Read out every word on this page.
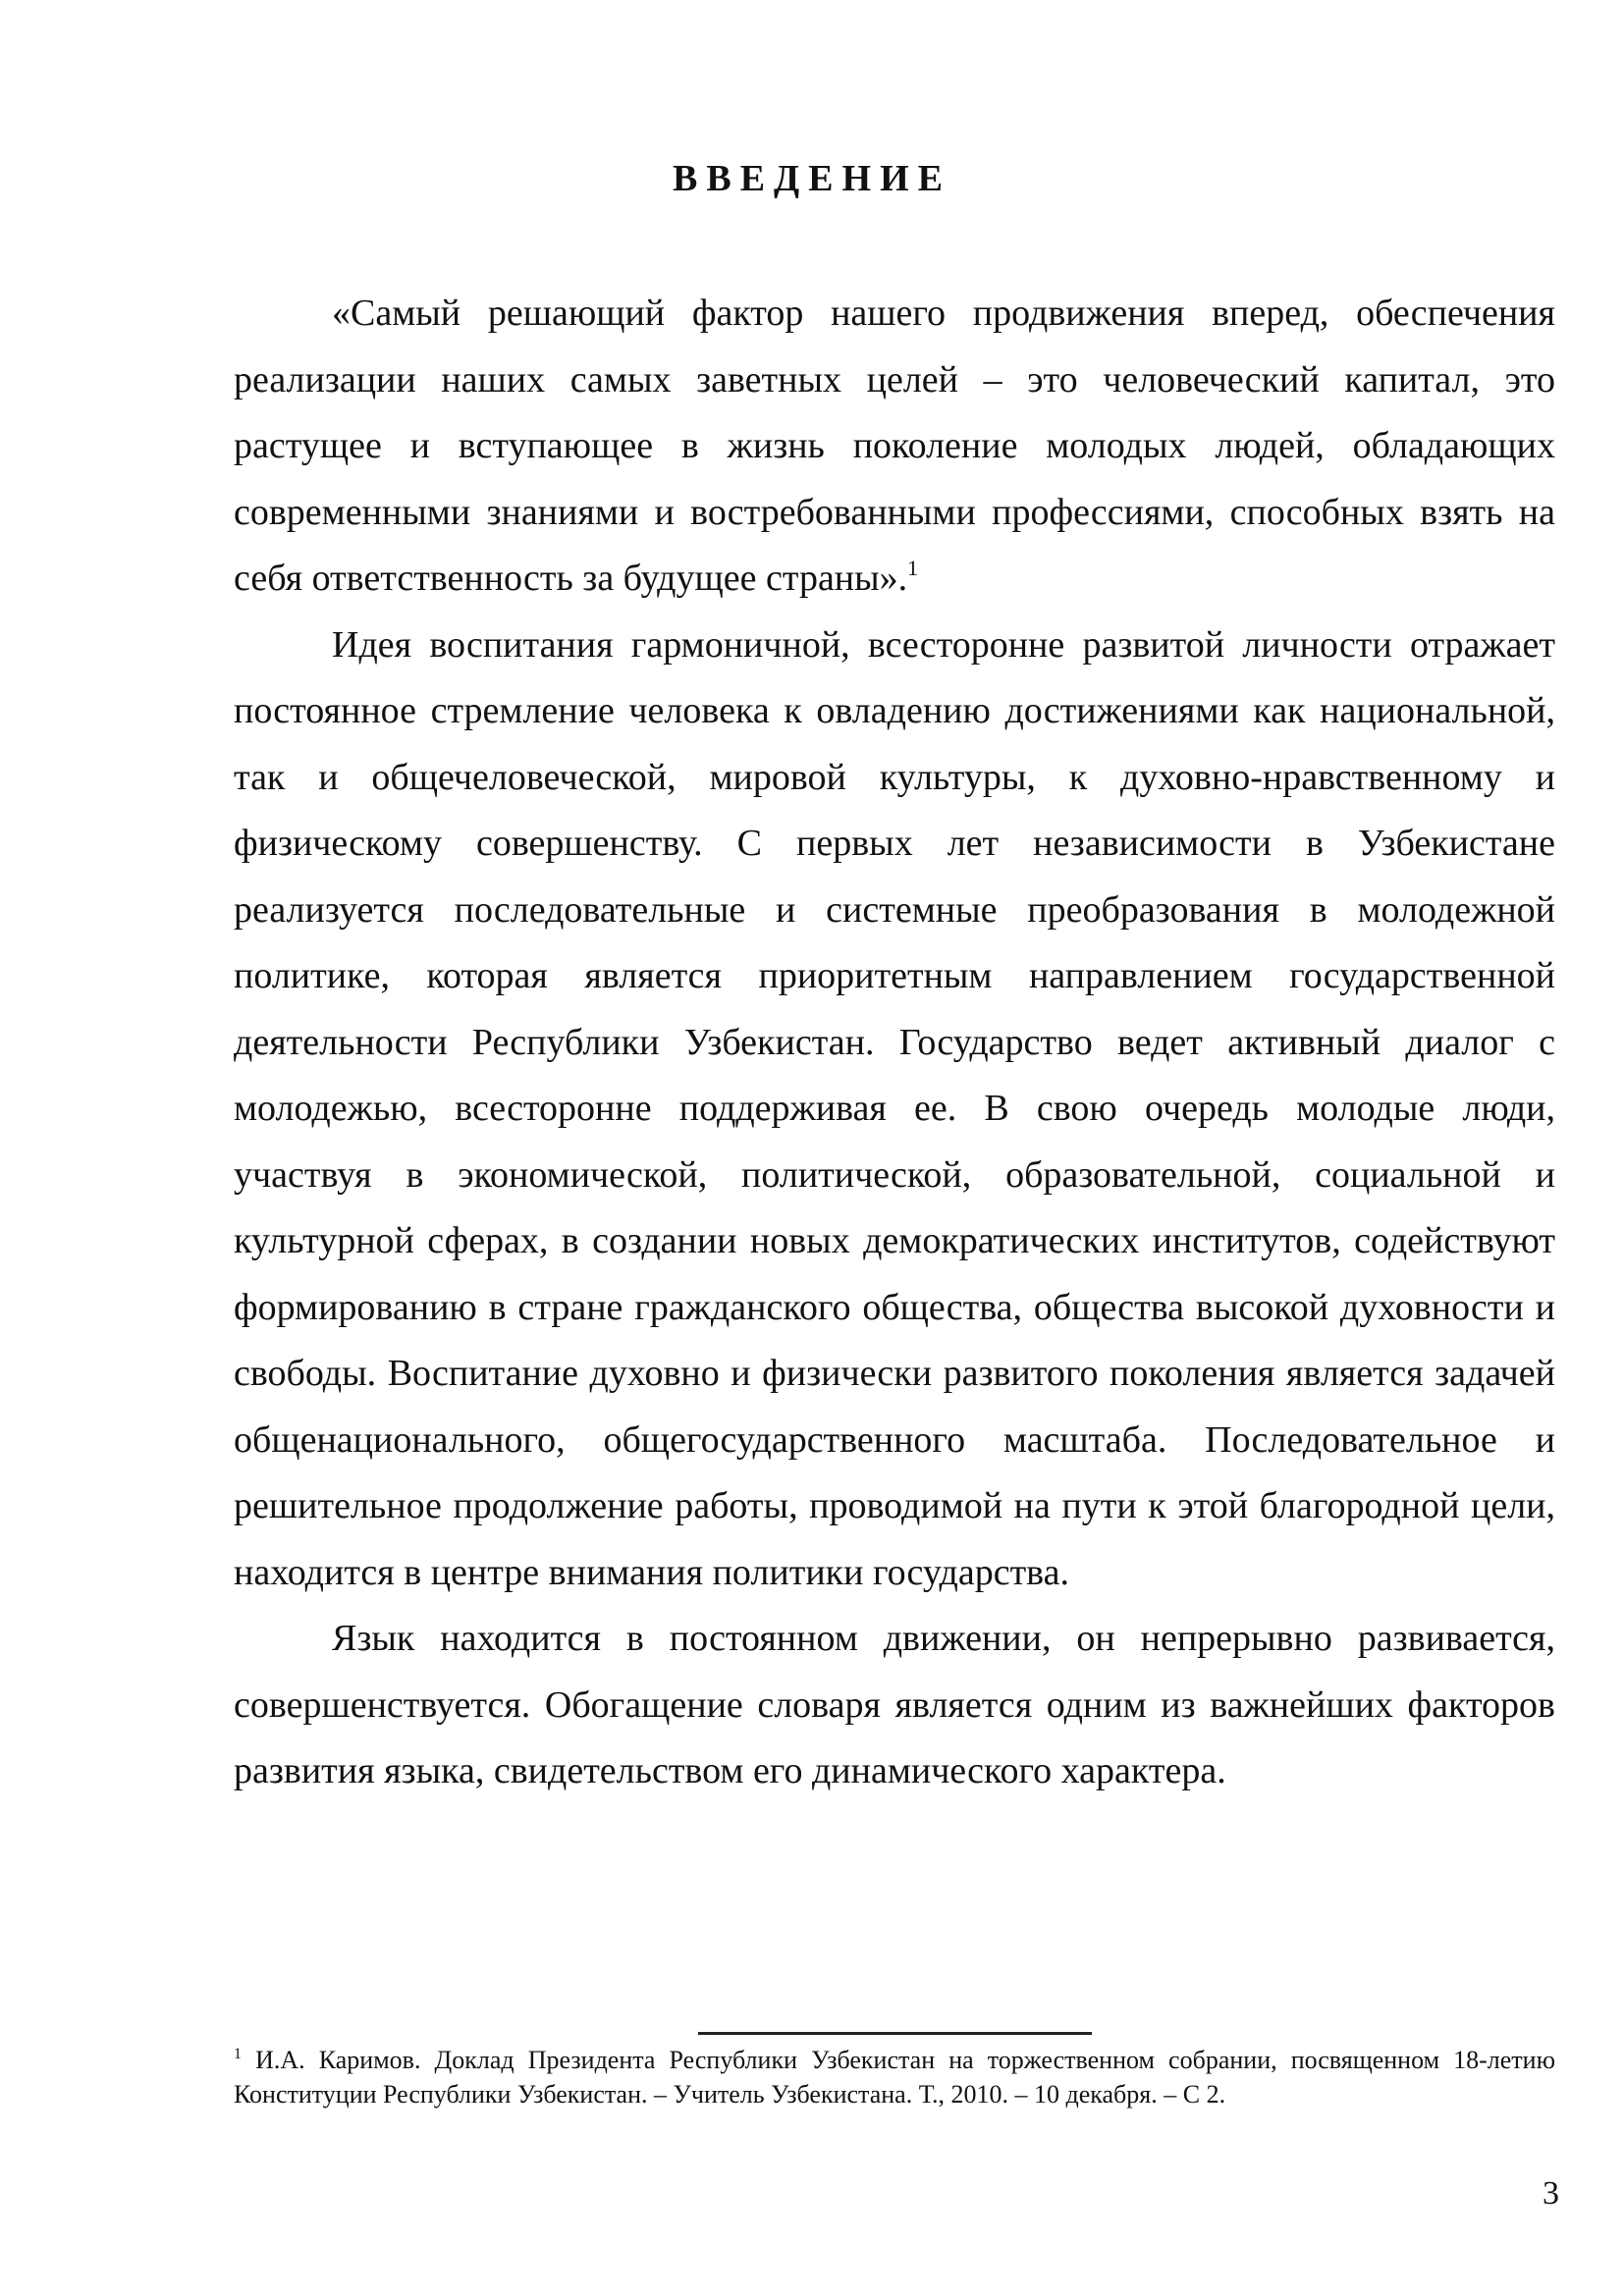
ВВЕДЕНИЕ

«Самый решающий фактор нашего продвижения вперед, обеспечения реализации наших самых заветных целей – это человеческий капитал, это растущее и вступающее в жизнь поколение молодых людей, обладающих современными знаниями и востребованными профессиями, способных взять на себя ответственность за будущее страны».$^1$

Идея воспитания гармоничной, всесторонне развитой личности отражает постоянное стремление человека к овладению достижениями как национальной, так и общечеловеческой, мировой культуры, к духовно-нравственному и физическому совершенству. С первых лет независимости в Узбекистане реализуется последовательные и системные преобразования в молодежной политике, которая является приоритетным направлением государственной деятельности Республики Узбекистан. Государство ведет активный диалог с молодежью, всесторонне поддерживая ее. В свою очередь молодые люди, участвуя в экономической, политической, образовательной, социальной и культурной сферах, в создании новых демократических институтов, содействуют формированию в стране гражданского общества, общества высокой духовности и свободы. Воспитание духовно и физически развитого поколения является задачей общенационального, общегосударственного масштаба. Последовательное и решительное продолжение работы, проводимой на пути к этой благородной цели, находится в центре внимания политики государства.

Язык находится в постоянном движении, он непрерывно развивается, совершенствуется. Обогащение словаря является одним из важнейших факторов развития языка, свидетельством его динамического характера.

$^1$ И.А. Каримов. Доклад Президента Республики Узбекистан на торжественном собрании, посвященном 18-летию Конституции Республики Узбекистан. – Учитель Узбекистана. Т., 2010. – 10 декабря. – С 2.
3
